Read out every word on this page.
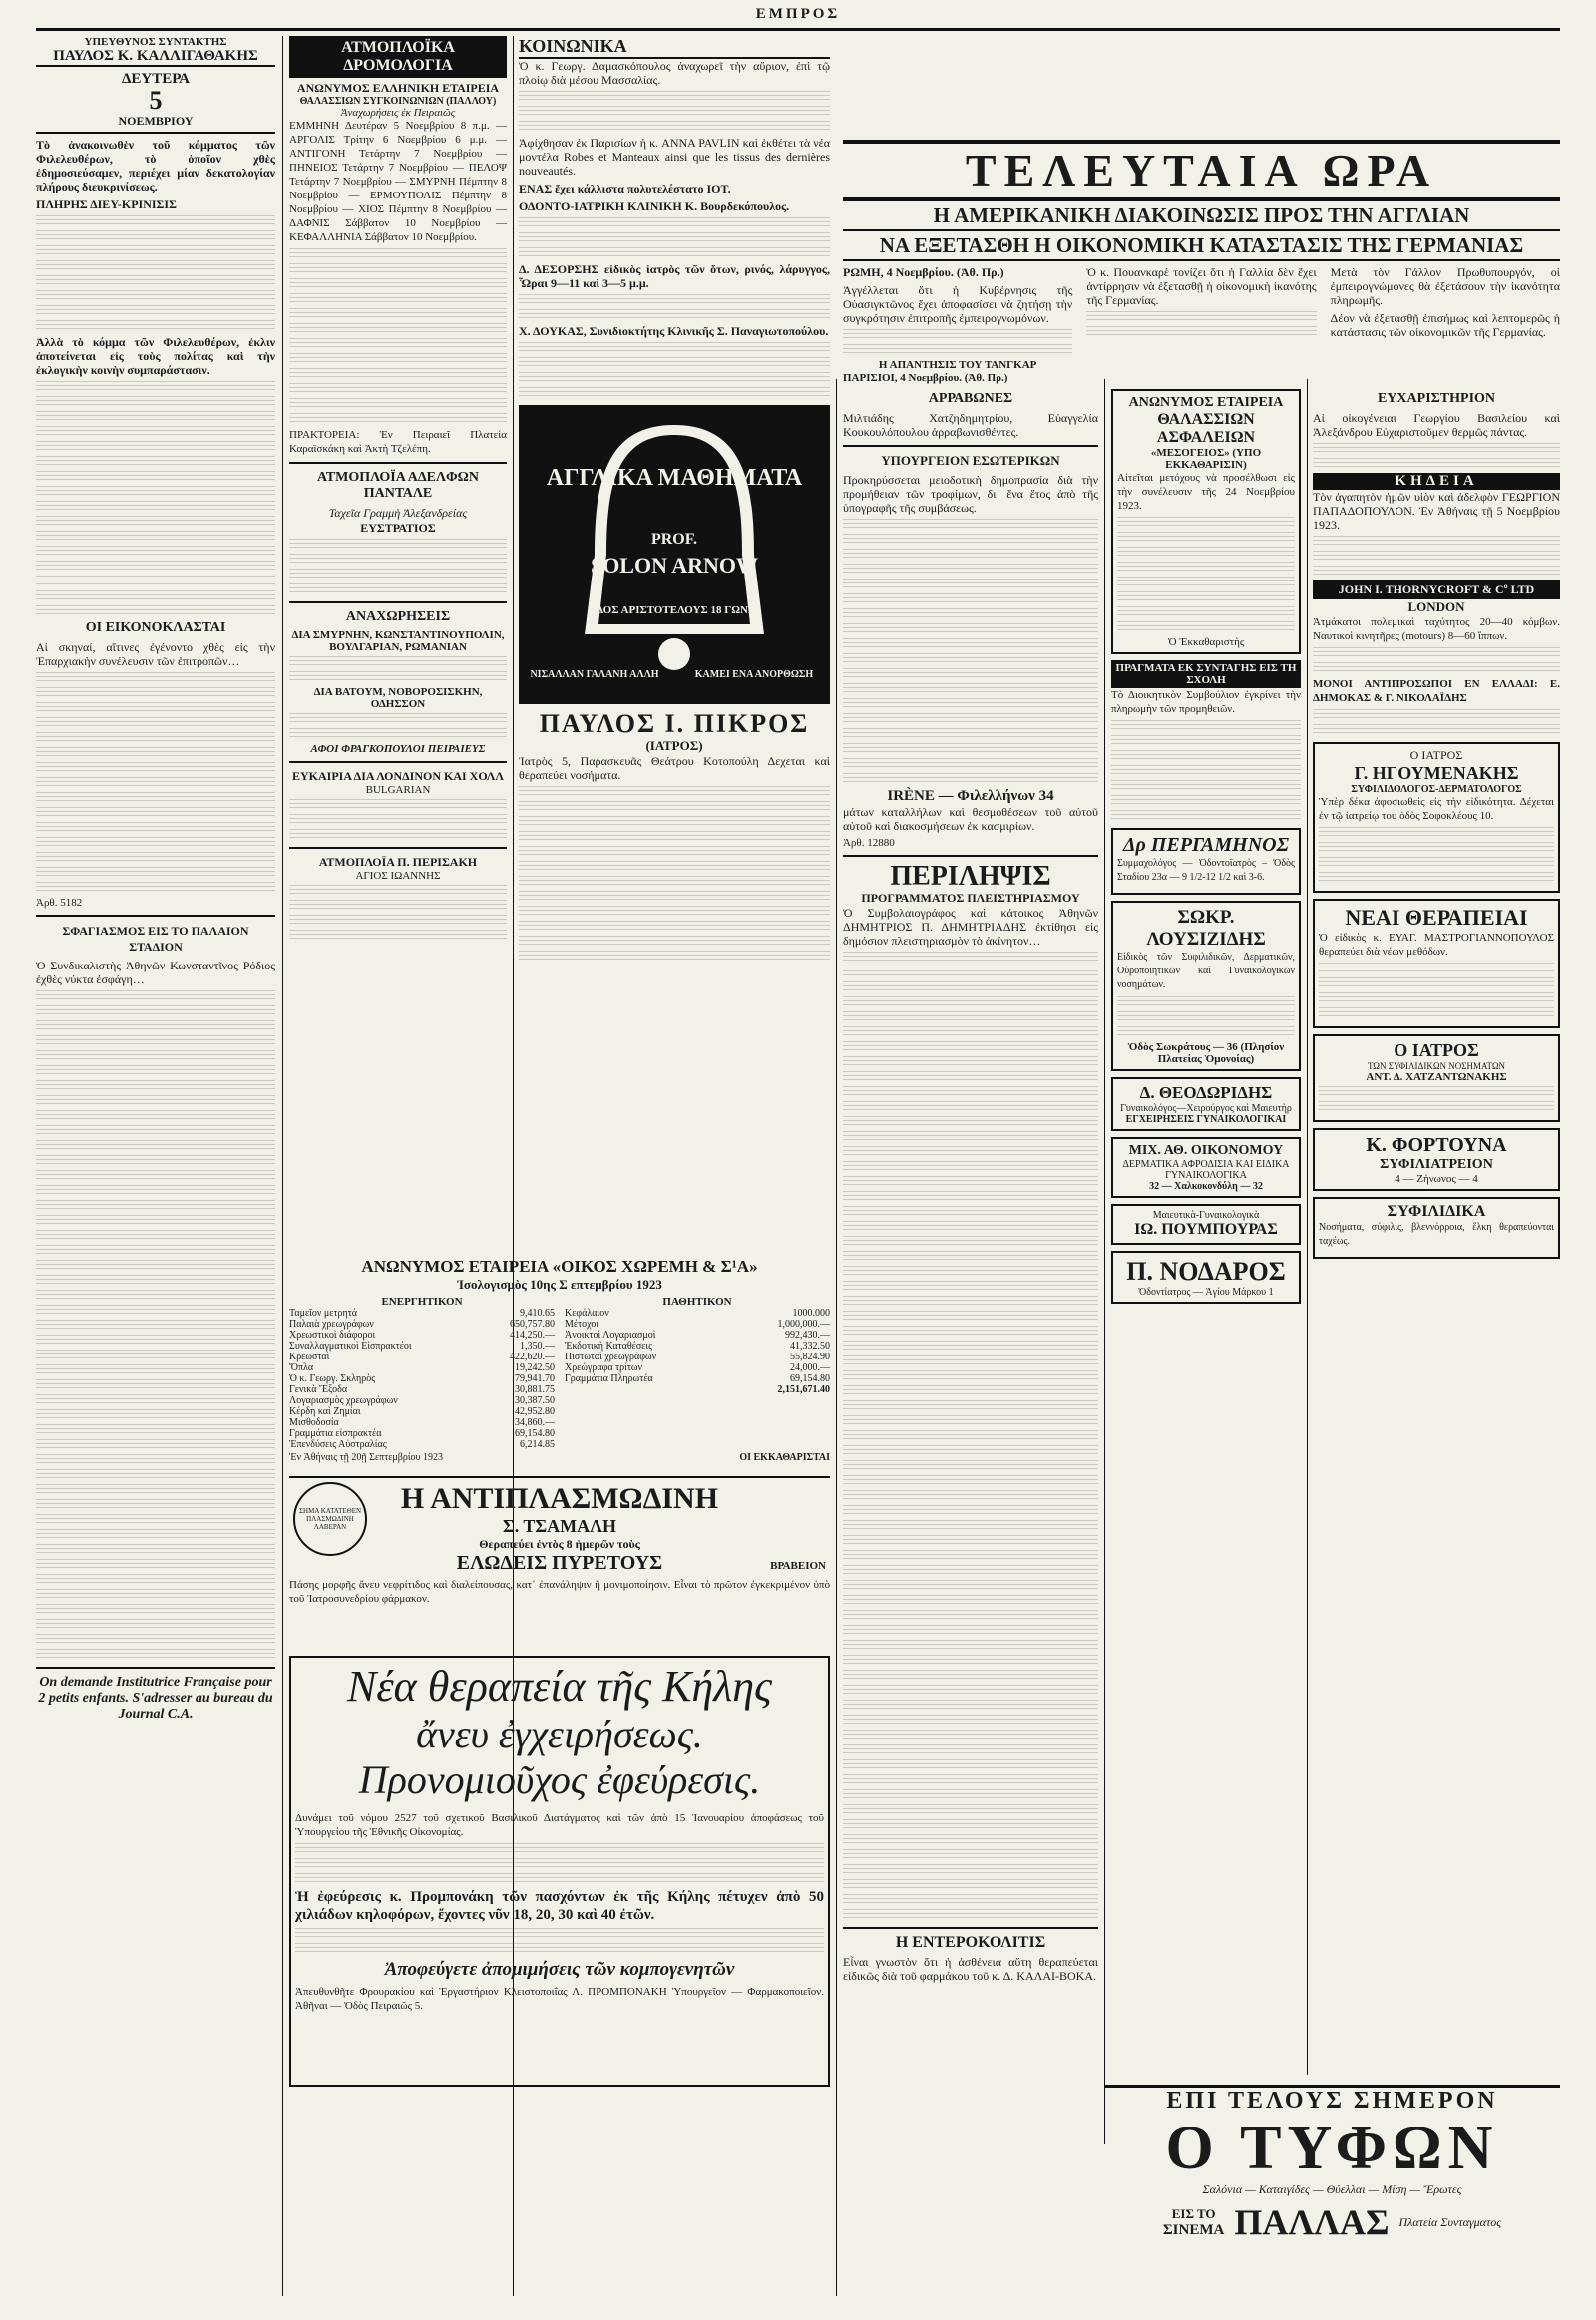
ΕΜΠΡΟΣ
ΥΠΕΥΘΥΝΟΣ ΣΥΝΤΑΚΤΗΣ
ΠΑΥΛΟΣ Κ. ΚΑΛΛΙΓΑΘΑΚΗΣ
ΔΕΥΤΕΡΑ
5
ΝΟΕΜΒΡΙΟΥ

Τὸ ἀνακοινωθὲν τοῦ κόμματος τῶν Φιλελευθέρων, τὸ ὁποῖον χθὲς ἐδημοσιεύσαμεν, περιέχει μίαν δεκατολογίαν πλήρους διευκρινίσεως.

ΠΛΗΡΗΣ ΔΙΕΥ-ΚΡΙΝΙΣΙΣ

Ἀλλὰ τὸ κόμμα τῶν Φιλελευθέρων, ἐκλιν ἀποτείνεται εἰς τοὺς πολίτας καὶ τὴν ἐκλογικὴν κοινὴν συμπαράστασιν.

ΟΙ ΕΙΚΟΝΟΚΛΑΣΤΑΙ

Αἱ σκηναί, αἵτινες ἐγένοντο χθὲς εἰς τὴν Ἐπαρχιακὴν συνέλευσιν τῶν ἐπιτροπῶν…

Ἀρθ. 5182
ΣΦΑΓΙΑΣΜΟΣ ΕΙΣ ΤΟ ΠΑΛΑΙΟΝ ΣΤΑΔΙΟΝ

Ὁ Συνδικαλιστὴς Ἀθηνῶν Κωνσταντῖνος Ρόδιος ἐχθὲς νύκτα ἐσφάγη…

On demande Institutrice Française pour 2 petits enfants. S'adresser au bureau du Journal C.A.
ΑΤΜΟΠΛΟΪΚΑ ΔΡΟΜΟΛΟΓΙΑ
ΑΝΩΝΥΜΟΣ ΕΛΛΗΝΙΚΗ ΕΤΑΙΡΕΙΑ
ΘΑΛΑΣΣΙΩΝ ΣΥΓΚΟΙΝΩΝΙΩΝ (ΠΑΛΛΟΥ)
Ἀναχωρήσεις ἐκ Πειραιῶς

ΕΜΜΗΝΗ Δευτέραν 5 Νοεμβρίου 8 π.μ. — ΑΡΓΟΛΙΣ Τρίτην 6 Νοεμβρίου 6 μ.μ. — ΑΝΤΙΓΟΝΗ Τετάρτην 7 Νοεμβρίου — ΠΗΝΕΙΟΣ Τετάρτην 7 Νοεμβρίου — ΠΕΛΟΨ Τετάρτην 7 Νοεμβρίου — ΣΜΥΡΝΗ Πέμπτην 8 Νοεμβρίου — ΕΡΜΟΥΠΟΛΙΣ Πέμπτην 8 Νοεμβρίου — ΧΙΟΣ Πέμπτην 8 Νοεμβρίου — ΔΑΦΝΙΣ Σάββατον 10 Νοεμβρίου — ΚΕΦΑΛΛΗΝΙΑ Σάββατον 10 Νοεμβρίου.

ΠΡΑΚΤΟΡΕΙΑ: Ἐν Πειραιεῖ Πλατεία Καραϊσκάκη καὶ Ἀκτὴ Τζελέπη.

ΑΤΜΟΠΛΟΪΑ ΑΔΕΛΦΩΝ ΠΑΝΤΑΛΕ
Ταχεῖα Γραμμὴ Ἀλεξανδρείας
ΕΥΣΤΡΑΤΙΟΣ
ΑΝΑΧΩΡΗΣΕΙΣ
ΔΙΑ ΣΜΥΡΝΗΝ, ΚΩΝΣΤΑΝΤΙΝΟΥΠΟΛΙΝ, ΒΟΥΛΓΑΡΙΑΝ, ΡΩΜΑΝΙΑΝ
ΔΙΑ ΒΑΤΟΥΜ, ΝΟΒΟΡΟΣΙΣΚΗΝ, ΟΔΗΣΣΟΝ
ΑΦΟΙ ΦΡΑΓΚΟΠΟΥΛΟΙ ΠΕΙΡΑΙΕΥΣ
ΕΥΚΑΙΡΙΑ ΔΙΑ ΛΟΝΔΙΝΟΝ ΚΑΙ ΧΟΛΛ
BULGARIAN
ΑΤΜΟΠΛΟΪΑ Π. ΠΕΡΙΣΑΚΗ
ΑΓΙΟΣ ΙΩΑΝΝΗΣ
ΚΟΙΝΩΝΙΚΑ

Ὁ κ. Γεωργ. Δαμασκόπουλος ἀναχωρεῖ τὴν αὔριον, ἐπὶ τῷ πλοίῳ διὰ μέσου Μασσαλίας.

Ἀφίχθησαν ἐκ Παρισίων ἡ κ. ANNA PAVLIN καὶ ἐκθέτει τὰ νέα μοντέλα Robes et Manteaux ainsi que les tissus des dernières nouveautés.

ΕΝΑΣ ἔχει κάλλιστα πολυτελέστατο ΙΟΤ.

ΟΔΟΝΤΟ-ΙΑΤΡΙΚΗ ΚΛΙΝΙΚΗ Κ. Βουρδεκόπουλος.

Δ. ΔΕΣΟΡΣΗΣ εἰδικὸς ἰατρὸς τῶν ὄτων, ρινός, λάρυγγος, Ὧραι 9—11 καὶ 3—5 μ.μ.

Χ. ΔΟΥΚΑΣ, Συνιδιοκτήτης Κλινικῆς Σ. Παναγιωτοπούλου.

ΑΓΓΛΙΚΑ ΜΑΘΗΜΑΤΑ
PROF.
SOLON ARNOW
ΟΔΟΣ ΑΡΙΣΤΟΤΕΛΟΥΣ 18 ΓΩΝΙΑ
ΝΙΣΑΛΛΑΝ ΓΑΛΑΝΗ ΑΛΛΗ	ΚΑΜΕΙ ΕΝΑ ΑΝΟΡΘΩΣΗ
ΠΑΥΛΟΣ Ι. ΠΙΚΡΟΣ
(ΙΑΤΡΟΣ)

Ἰατρὸς 5, Παρασκευᾶς Θεάτρου Κοτοπούλη Δεχεται καὶ θεραπεύει νοσήματα.

ΑΝΩΝΥΜΟΣ ΕΤΑΙΡΕΙΑ «ΟΙΚΟΣ ΧΩΡΕΜΗ & Σ¹Α»
Ἰσολογισμὸς 10ης Σ επτεμβρίου 1923
ΕΝΕΡΓΗΤΙΚΟΝ
Ταμεῖον μετρητά	9,410.65
Παλαιὰ χρεωγράφων	650,757.80
Χρεωστικοὶ διάφοροι	414,250.—
Συναλλαγματικοὶ Εἰσπρακτέοι	1,350.—
Κρεωσταὶ	422,620.—
Ὅπλα	19,242.50
Ὁ κ. Γεωργ. Σκληρὸς	79,941.70
Γενικὰ Ἔξοδα	30,881.75
Λογαριασμὸς χρεωγράφων	30,387.50
Κέρδη καὶ Ζημίαι	42,952.80
Μισθοδοσία	34,860.—
Γραμμάτια εἰσπρακτέα	69,154.80
Ἐπενδύσεις Αὐστραλίας	6,214.85
ΠΑΘΗΤΙΚΟΝ
Κεφάλαιον	1000.000
Μέτοχοι	1,000,000.—
Ἀνοικτοὶ Λογαριασμοὶ	992,430.—
Ἐκδοτικὴ Καταθέσεις	41,332.50
Πιστωταὶ χρεωγράφων	55,824.90
Χρεώγραφα τρίτων	24,000.—
Γραμμάτια Πληρωτέα	69,154.80
2,151,671.40
Ἐν Ἀθήναις τῇ 20ῇ Σεπτεμβρίου 1923	ΟΙ ΕΚΚΑΘΑΡΙΣΤΑΙ
Η ΑΝΤΙΠΛΑΣΜΩΔΙΝΗ
Σ. ΤΣΑΜΑΛΗ
Θεραπεύει ἐντὸς 8 ἡμερῶν τοὺς
ΕΛΩΔΕΙΣ ΠΥΡΕΤΟΥΣ
ΣΗΜΑ ΚΑΤΑΤΕΘΕΝ ΠΛΑΣΜΩΔΙΝΗ ΛΑΒΕΡΑΝ
ΒΡΑΒΕΙΟΝ

Πάσης μορφῆς ἄνευ νεφρίτιδος καὶ διαλείπουσας, κατ᾽ ἐπανάληψιν ἢ μονιμοποίησιν. Εἶναι τὸ πρῶτον ἐγκεκριμένον ὑπὸ τοῦ Ἰατροσυνεδρίου φάρμακον.

Νέα θεραπεία τῆς Κήλης
ἄνευ ἐγχειρήσεως.
Προνομιοῦχος ἐφεύρεσις.

Δυνάμει τοῦ νόμου 2527 τοῦ σχετικοῦ Βασιλικοῦ Διατάγματος καὶ τῶν ἀπὸ 15 Ἰανουαρίου ἀποφάσεως τοῦ Ὑπουργείου τῆς Ἐθνικῆς Οἰκονομίας.

Ἡ ἐφεύρεσις κ. Προμπονάκη τῶν πασχόντων ἐκ τῆς Κήλης πέτυχεν ἀπὸ 50 χιλιάδων κηλοφόρων, ἔχοντες νῦν 18, 20, 30 καὶ 40 ἐτῶν.

Ἀποφεύγετε ἀπομιμήσεις τῶν κομπογενητῶν

Ἀπευθυνθῆτε Φρουρακίου καὶ Ἐργαστήριον Κλειστοποιΐας Λ. ΠΡΟΜΠΟΝΑΚΗ Ὑπουργεῖον — Φαρμακοποιεῖον. Ἀθῆναι — Ὁδὸς Πειραιῶς 5.

ΤΕΛΕΥΤΑΙΑ ΩΡΑ
Η ΑΜΕΡΙΚΑΝΙΚΗ ΔΙΑΚΟΙΝΩΣΙΣ ΠΡΟΣ ΤΗΝ ΑΓΓΛΙΑΝ
ΝΑ ΕΞΕΤΑΣΘΗ Η ΟΙΚΟΝΟΜΙΚΗ ΚΑΤΑΣΤΑΣΙΣ ΤΗΣ ΓΕΡΜΑΝΙΑΣ

ΡΩΜΗ, 4 Νοεμβρίου. (Ἀθ. Πρ.)

Ἀγγέλλεται ὅτι ἡ Κυβέρνησις τῆς Οὐασιγκτῶνος ἔχει ἀποφασίσει νὰ ζητήσῃ τὴν συγκρότησιν ἐπιτροπῆς ἐμπειρογνωμόνων.

Η ΑΠΑΝΤΗΣΙΣ ΤΟΥ ΤΑΝΓΚΑΡ

ΠΑΡΙΣΙΟΙ, 4 Νοεμβρίου. (Ἀθ. Πρ.)

Ὁ κ. Πουανκαρὲ τονίζει ὅτι ἡ Γαλλία δὲν ἔχει ἀντίρρησιν νὰ ἐξετασθῇ ἡ οἰκονομικὴ ἱκανότης τῆς Γερμανίας.

Μετὰ τὸν Γάλλον Πρωθυπουργόν, οἱ ἐμπειρογνώμονες θὰ ἐξετάσουν τὴν ἱκανότητα πληρωμῆς.

Δέον νὰ ἐξετασθῇ ἐπισήμως καὶ λεπτομερῶς ἡ κατάστασις τῶν οἰκονομικῶν τῆς Γερμανίας.

ΑΡΡΑΒΩΝΕΣ

Μιλτιάδης Χατζηδημητρίου, Εὐαγγελία Κουκουλόπουλου ἀρραβωνισθέντες.

ΥΠΟΥΡΓΕΙΟΝ ΕΣΩΤΕΡΙΚΩΝ

Προκηρύσσεται μειοδοτικὴ δημοπρασία διὰ τὴν προμήθειαν τῶν τροφίμων, δι᾽ ἕνα ἔτος ἀπὸ τῆς ὑπογραφῆς τῆς συμβάσεως.

IRÈNE — Φιλελλήνων 34

μάτων καταλλήλων καὶ θεσμοθέσεων τοῦ αὐτοῦ αὐτοῦ καὶ διακοσμήσεων ἐκ κασμιρίων.

Ἀρθ. 12880
ΠΕΡΙΛΗΨΙΣ
ΠΡΟΓΡΑΜΜΑΤΟΣ ΠΛΕΙΣΤΗΡΙΑΣΜΟΥ

Ὁ Συμβολαιογράφος καὶ κάτοικος Ἀθηνῶν ΔΗΜΗΤΡΙΟΣ Π. ΔΗΜΗΤΡΙΑΔΗΣ ἐκτίθησι εἰς δημόσιον πλειστηριασμὸν τὸ ἀκίνητον…

Η ΕΝΤΕΡΟΚΟΛΙΤΙΣ

Εἶναι γνωστὸν ὅτι ἡ ἀσθένεια αὕτη θεραπεύεται εἰδικῶς διὰ τοῦ φαρμάκου τοῦ κ. Δ. ΚΑΛΑΙ-ΒΟΚΑ.

ΑΝΩΝΥΜΟΣ ΕΤΑΙΡΕΙΑ
ΘΑΛΑΣΣΙΩΝ ΑΣΦΑΛΕΙΩΝ
«ΜΕΣΟΓΕΙΟΣ» (ΥΠΟ ΕΚΚΑΘΑΡΙΣΙΝ)

Αἰτεῖται μετόχους νὰ προσέλθωσι εἰς τὴν συνέλευσιν τῆς 24 Νοεμβρίου 1923.

Ὁ Ἐκκαθαριστὴς
ΠΡΑΓΜΑΤΑ ΕΚ ΣΥΝΤΑΓΗΣ ΕΙΣ ΤΗ ΣΧΟΛΗ

Τὸ Διοικητικὸν Συμβούλιον ἐγκρίνει τὴν πληρωμὴν τῶν προμηθειῶν.

Δρ ΠΕΡΓΑΜΗΝΟΣ

Συμμαχολόγος — Ὀδοντοϊατρὸς ‒ Ὁδὸς Σταδίου 23α — 9 1/2-12 1/2 καὶ 3-6.

ΣΩΚΡ. ΛΟΥΣΙΖΙΔΗΣ

Εἰδικὸς τῶν Συφιλιδικῶν, Δερματικῶν, Οὐροποιητικῶν καὶ Γυναικολογικῶν νοσημάτων.

Ὁδὸς Σωκράτους — 36 (Πλησίον Πλατείας Ὁμονοίας)
Δ. ΘΕΟΔΩΡΙΔΗΣ
Γυναικολόγος—Χειρούργος καὶ Μαιευτὴρ
ΕΓΧΕΙΡΗΣΕΙΣ ΓΥΝΑΙΚΟΛΟΓΙΚΑΙ
ΜΙΧ. ΑΘ. ΟΙΚΟΝΟΜΟΥ
ΔΕΡΜΑΤΙΚΑ ΑΦΡΟΔΙΣΙΑ ΚΑΙ ΕΙΔΙΚΑ ΓΥΝΑΙΚΟΛΟΓΙΚΑ
32 — Χαλκοκονδύλη — 32
Μαιευτικὰ-Γυναικολογικὰ
ΙΩ. ΠΟΥΜΠΟΥΡΑΣ
Π. ΝΟΔΑΡΟΣ
Ὀδοντίατρος — Ἁγίου Μάρκου 1
ΕΥΧΑΡΙΣΤΗΡΙΟΝ

Αἱ οἰκογένειαι Γεωργίου Βασιλείου καὶ Ἀλεξάνδρου Εὐχαριστοῦμεν θερμῶς πάντας.

ΚΗΔΕΙΑ

Τὸν ἀγαπητὸν ἡμῶν υἱὸν καὶ ἀδελφὸν ΓΕΩΡΓΙΟΝ ΠΑΠΑΔΟΠΟΥΛΟΝ. Ἐν Ἀθήναις τῇ 5 Νοεμβρίου 1923.

JOHN I. THORNYCROFT & Cº LTD
LONDON

Ἀτμάκατοι πολεμικαὶ ταχύτητος 20—40 κόμβων. Ναυτικοὶ κινητῆρες (motours) 8—60 ἵππων.

ΜΟΝΟΙ ΑΝΤΙΠΡΟΣΩΠΟΙ ΕΝ ΕΛΛΑΔΙ: Ε. ΔΗΜΟΚΑΣ & Γ. ΝΙΚΟΛΑΪΔΗΣ

Ο ΙΑΤΡΟΣ
Γ. ΗΓΟΥΜΕΝΑΚΗΣ
ΣΥΦΙΛΙΔΟΛΟΓΟΣ-ΔΕΡΜΑΤΟΛΟΓΟΣ

Ὑπὲρ δέκα ἀφοσιωθεὶς εἰς τὴν εἰδικότητα. Δέχεται ἐν τῷ ἰατρείῳ του ὁδὸς Σοφοκλέους 10.

ΝΕΑΙ ΘΕΡΑΠΕΙΑΙ

Ὁ εἰδικὸς κ. ΕΥΑΓ. ΜΑΣΤΡΟΓΙΑΝΝΟΠΟΥΛΟΣ θεραπεύει διὰ νέων μεθόδων.

Ο ΙΑΤΡΟΣ
ΤΩΝ ΣΥΦΙΛΙΔΙΚΩΝ ΝΟΣΗΜΑΤΩΝ
ΑΝΤ. Δ. ΧΑΤΖΑΝΤΩΝΑΚΗΣ
Κ. ΦΟΡΤΟΥΝΑ
ΣΥΦΙΛΙΑΤΡΕΙΟΝ
4 — Ζήνωνος — 4
ΣΥΦΙΛΙΔΙΚΑ

Νοσήματα, σύφιλις, βλεννόρροια, ἕλκη θεραπεύονται ταχέως.

ΕΠΙ ΤΕΛΟΥΣ ΣΗΜΕΡΟΝ
Ο ΤΥΦΩΝ
Σαλόνια — Καταιγίδες — Θύελλαι — Μίση — Ἔρωτες
ΕΙΣ ΤΟ
ΣΙΝΕΜΑ ΠΑΛΛΑΣ Πλατεία Συνταγματος
